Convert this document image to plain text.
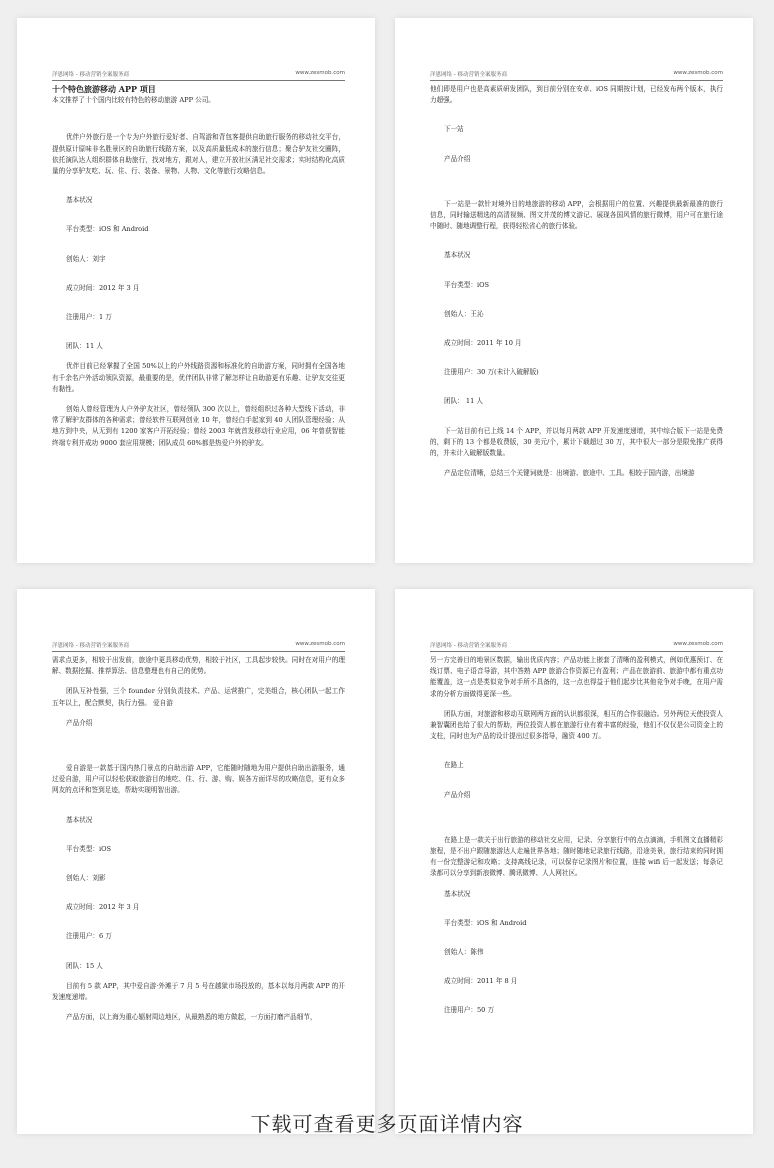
洋恩网络 - 移动营销全案服务商	www.zesmob.com

十个特色旅游移动 APP 项目

本文推荐了十个国内比较有特色的移动旅游 APP 公司。

优伴户外旅行是一个专为户外旅行爱好者、自驾游和背包客提供自助旅行服务的移动社交平台，提供原计原味非名胜景区的自助旅行线路方案，以及高质量低成本的旅行信息；聚合驴友社交圈阵，依托演队达人组织群体自助旅行，找对地方，跟对人，建立开放社区满足社交需求；实时结构化高质量的分享驴友吃、玩、住、行、装备、景物、人物、文化等旅行攻略信息。

基本状况

平台类型：iOS 和 Android

创始人：刘宇

成立时间：2012 年 3 月

注册用户：1 万

团队：11 人

优伴目前已经掌握了全国 50%以上的户外线路资源和标准化的自助游方案，同时拥有全国各地有千余名户外活动领队资源，最重要的是，优伴团队非常了解怎样让自助游更有乐趣、让驴友交往更有黏性。

创始人曾经管理为人户外驴友社区，曾经领队 300 次以上，曾经组织过各种大型线下活动，非常了解驴友群体的各种需求；曾经软件互联网创业 10 年，曾经白手起家到 40 人团队管理经验；从地方到中央，从无到有 1200 家客户开拓经验；曾经 2003 年就首发移动行业应用，06 年曾获智能终端专利并成功 9000 套应用规模；团队成员 60%都是热爱户外的驴友。

洋恩网络 - 移动营销全案服务商	www.zesmob.com

他们即是用户也是高素质研发团队，到目前分别在安卓、iOS 同期按计划，已经发布两个版本，执行力超强。

下一站

产品介绍

下一站是一款针对境外目的地旅游的移动 APP，会根据用户的位置、兴趣提供最新最准的旅行信息，同时输送精选的高清视频、图文并茂的博文游记、展现各国风情的旅行微博，用户可在旅行途中随时、随地调整行程，获得轻松省心的旅行体验。

基本状况

平台类型：iOS

创始人：王沁

成立时间：2011 年 10 月

注册用户：30 万(未计入破解版)

团队： 11 人

下一站目前有已上线 14 个 APP，并以每月两款 APP 开发速度递增，其中综合版下一站是免费的，剩下的 13 个都是收费版，30 美元/个，累计下载超过 30 万，其中很大一部分是限免推广获得的，并未计入破解版数量。

产品定位清晰，总结三个关键词就是：出境游、旅途中、工具。相较于国内游，出境游

洋恩网络 - 移动营销全案服务商	www.zesmob.com

需求点更多，相较于出发前，旅途中更具移动优势，相较于社区，工具起步较快。同时在对用户的理解、数据挖掘、推荐算法、信息整理也有自己的优势。

团队互补性强，三个 founder 分别负责技术、产品、运营推广，完美组合，核心团队一起工作五年以上，配合默契，执行力强。 爱自游

产品介绍

爱自游是一款基于国内热门景点的自助出游 APP，它能随时随地为用户提供自助出游服务，通过爱自游，用户可以轻松获取旅游目的地吃、住、行、游、购、娱各方面详尽的攻略信息，更有众多网友的点评和签到足迹，帮助实现明智出游。

基本状况

平台类型：iOS

创始人：刘影

成立时间：2012 年 3 月

注册用户：6 万

团队：15 人

目前有 5 款 APP，其中爱自游·外滩于 7 月 5 号在越狱市场投放的，基本以每月两款 APP 的开发速度递增。

产品方面，以上海为重心辐射周边地区，从最熟悉的地方做起，一方面打磨产品细节，

洋恩网络 - 移动营销全案服务商	www.zesmob.com

另一方完善目的地景区数据，输出优质内容；产品功能上嵌套了清晰的盈利模式，例如优惠预订、在线订票、电子语音导游，其中答熟 APP 旅游合作资源已有盈利；产品在旅游前、旅游中都有重点功能覆盖，这一点是类似竞争对手所不具备的，这一点也得益于他们起步比其他竞争对手晚，在用户需求的分析方面做得更深一些。

团队方面，对旅游和移动互联网两方面的认识都很深，相互的合作很融洽。另外两位天使投资人兼智囊团也给了很大的帮助，两位投资人都在旅游行业有着丰富的经验，他们不仅仅是公司资金上的支柱，同时也为产品的设计提出过很多指导，融资 400 万。

在路上

产品介绍

在路上是一款关于出行旅游的移动社交应用，记录、分享旅行中的点点滴滴，手机图文直播精彩旅程，是不出户跟随旅游达人走遍世界各地；随时随地记录旅行线路，沿途美景，旅行结束的同时拥有一份完整游记和攻略；支持离线记录，可以保存记录图片和位置，连接 wifi 后一起发送；每条记录都可以分享到新浪微博、腾讯微博、人人网社区。

基本状况

平台类型：iOS 和 Android

创始人：陈伟

成立时间：2011 年 8 月

注册用户：50 万

下载可查看更多页面详情内容
